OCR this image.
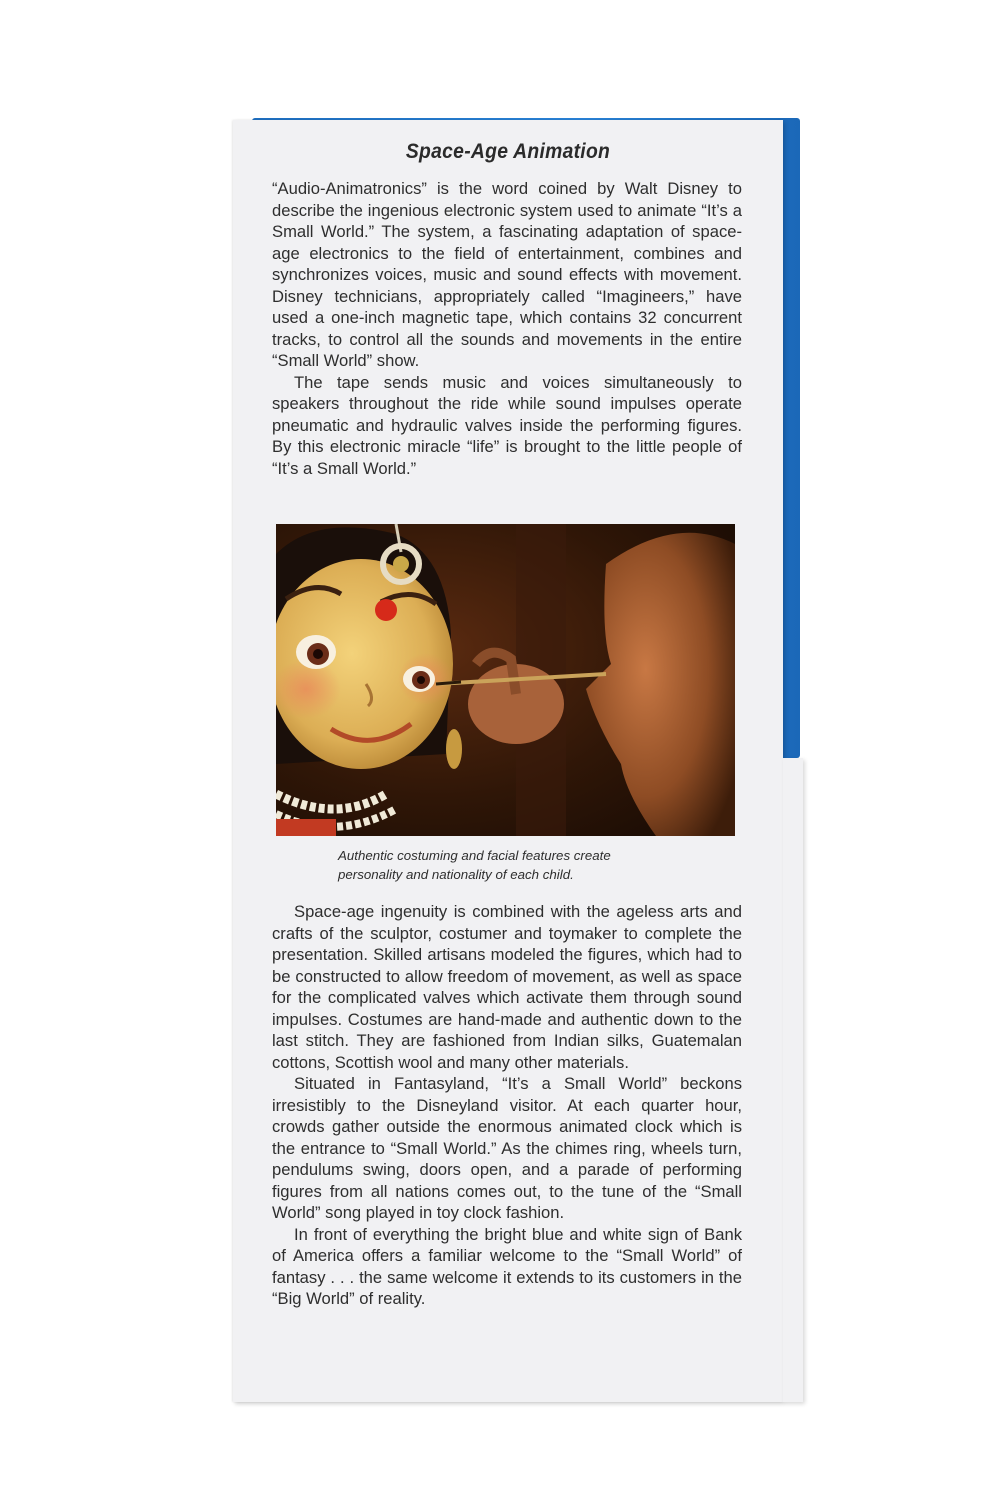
Space-Age Animation

“Audio-Animatronics” is the word coined by Walt Disney to describe the ingenious electronic system used to animate “It’s a Small World.” The system, a fascinating adaptation of space-age electronics to the field of entertainment, combines and synchronizes voices, music and sound effects with movement. Disney technicians, appropriately called “Imagineers,” have used a one-inch magnetic tape, which contains 32 concurrent tracks, to control all the sounds and movements in the entire “Small World” show.

The tape sends music and voices simultaneously to speakers throughout the ride while sound impulses operate pneumatic and hydraulic valves inside the performing figures. By this electronic miracle “life” is brought to the little people of “It’s a Small World.”

Authentic costuming and facial features create
personality and nationality of each child.

Space-age ingenuity is combined with the ageless arts and crafts of the sculptor, costumer and toymaker to complete the presentation. Skilled artisans modeled the figures, which had to be constructed to allow freedom of movement, as well as space for the complicated valves which activate them through sound impulses. Costumes are hand-made and authentic down to the last stitch. They are fashioned from Indian silks, Guatemalan cottons, Scottish wool and many other materials.

Situated in Fantasyland, “It’s a Small World” beckons irresistibly to the Disneyland visitor. At each quarter hour, crowds gather outside the enormous animated clock which is the entrance to “Small World.” As the chimes ring, wheels turn, pendulums swing, doors open, and a parade of performing figures from all nations comes out, to the tune of the “Small World” song played in toy clock fashion.

In front of everything the bright blue and white sign of Bank of America offers a familiar welcome to the “Small World” of fantasy . . . the same welcome it extends to its customers in the “Big World” of reality.
